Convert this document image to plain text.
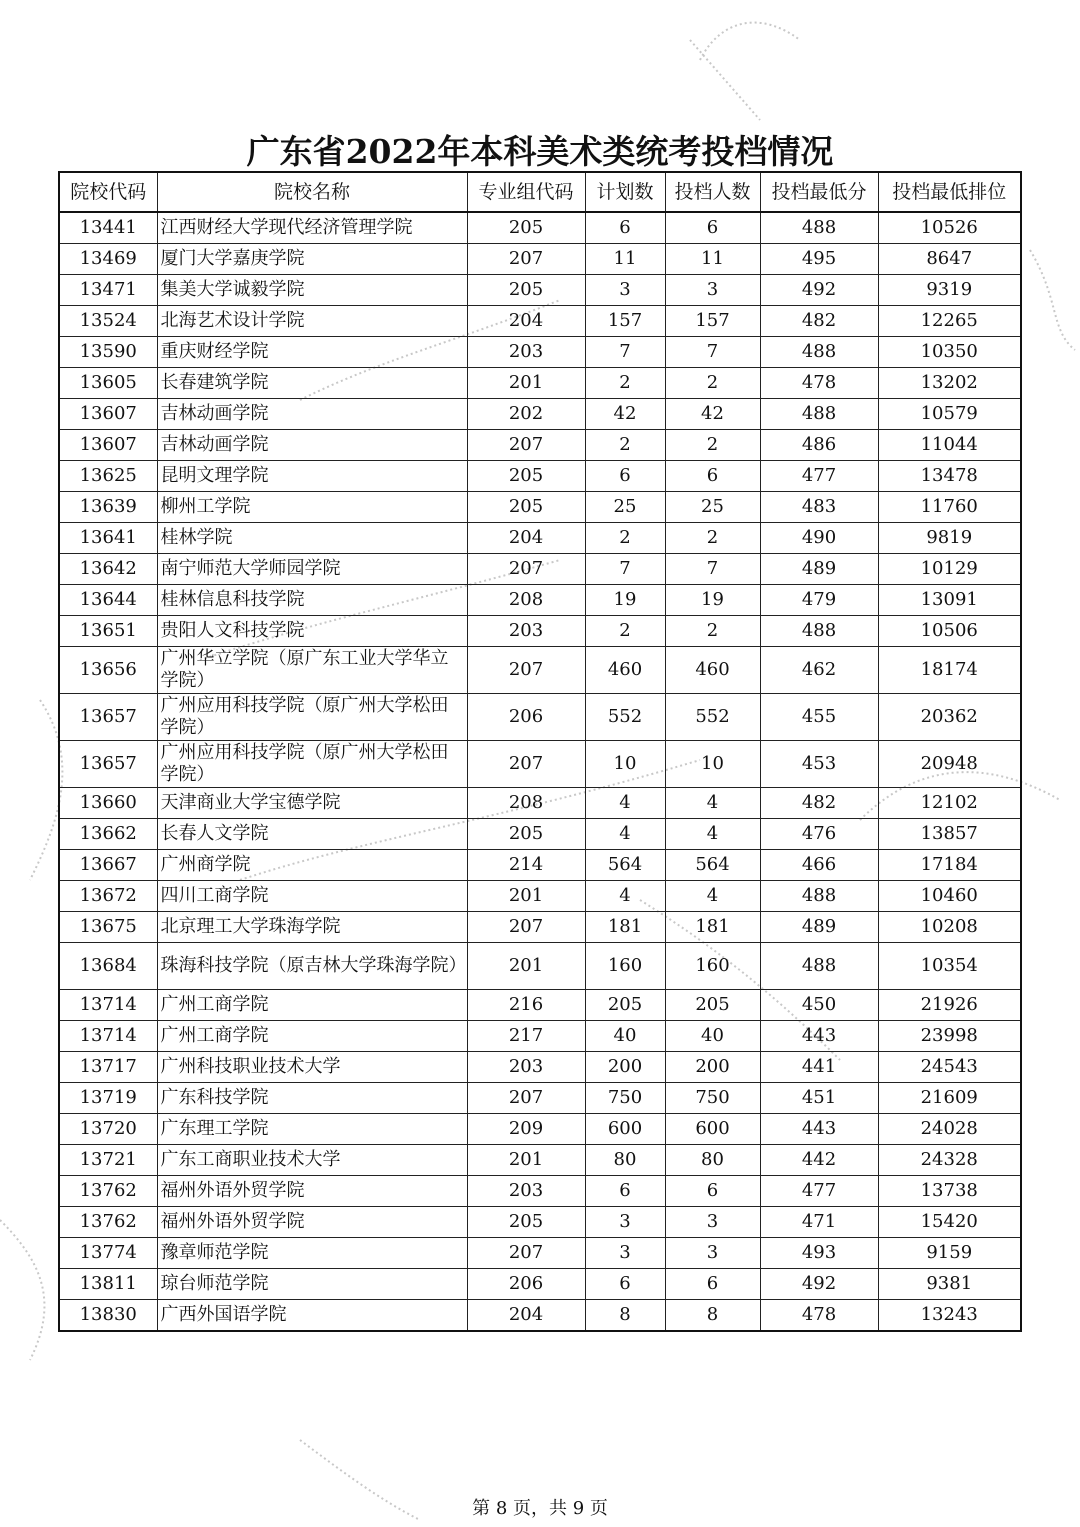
广东省2022年本科美术类统考投档情况
院校代码	院校名称	专业组代码	计划数	投档人数	投档最低分	投档最低排位
13441	江西财经大学现代经济管理学院	205	6	6	488	10526
13469	厦门大学嘉庚学院	207	11	11	495	8647
13471	集美大学诚毅学院	205	3	3	492	9319
13524	北海艺术设计学院	204	157	157	482	12265
13590	重庆财经学院	203	7	7	488	10350
13605	长春建筑学院	201	2	2	478	13202
13607	吉林动画学院	202	42	42	488	10579
13607	吉林动画学院	207	2	2	486	11044
13625	昆明文理学院	205	6	6	477	13478
13639	柳州工学院	205	25	25	483	11760
13641	桂林学院	204	2	2	490	9819
13642	南宁师范大学师园学院	207	7	7	489	10129
13644	桂林信息科技学院	208	19	19	479	13091
13651	贵阳人文科技学院	203	2	2	488	10506
13656	广州华立学院（原广东工业大学华立学院）	207	460	460	462	18174
13657	广州应用科技学院（原广州大学松田学院）	206	552	552	455	20362
13657	广州应用科技学院（原广州大学松田学院）	207	10	10	453	20948
13660	天津商业大学宝德学院	208	4	4	482	12102
13662	长春人文学院	205	4	4	476	13857
13667	广州商学院	214	564	564	466	17184
13672	四川工商学院	201	4	4	488	10460
13675	北京理工大学珠海学院	207	181	181	489	10208
13684	珠海科技学院（原吉林大学珠海学院）	201	160	160	488	10354
13714	广州工商学院	216	205	205	450	21926
13714	广州工商学院	217	40	40	443	23998
13717	广州科技职业技术大学	203	200	200	441	24543
13719	广东科技学院	207	750	750	451	21609
13720	广东理工学院	209	600	600	443	24028
13721	广东工商职业技术大学	201	80	80	442	24328
13762	福州外语外贸学院	203	6	6	477	13738
13762	福州外语外贸学院	205	3	3	471	15420
13774	豫章师范学院	207	3	3	493	9159
13811	琼台师范学院	206	6	6	492	9381
13830	广西外国语学院	204	8	8	478	13243
第 8 页，共 9 页
